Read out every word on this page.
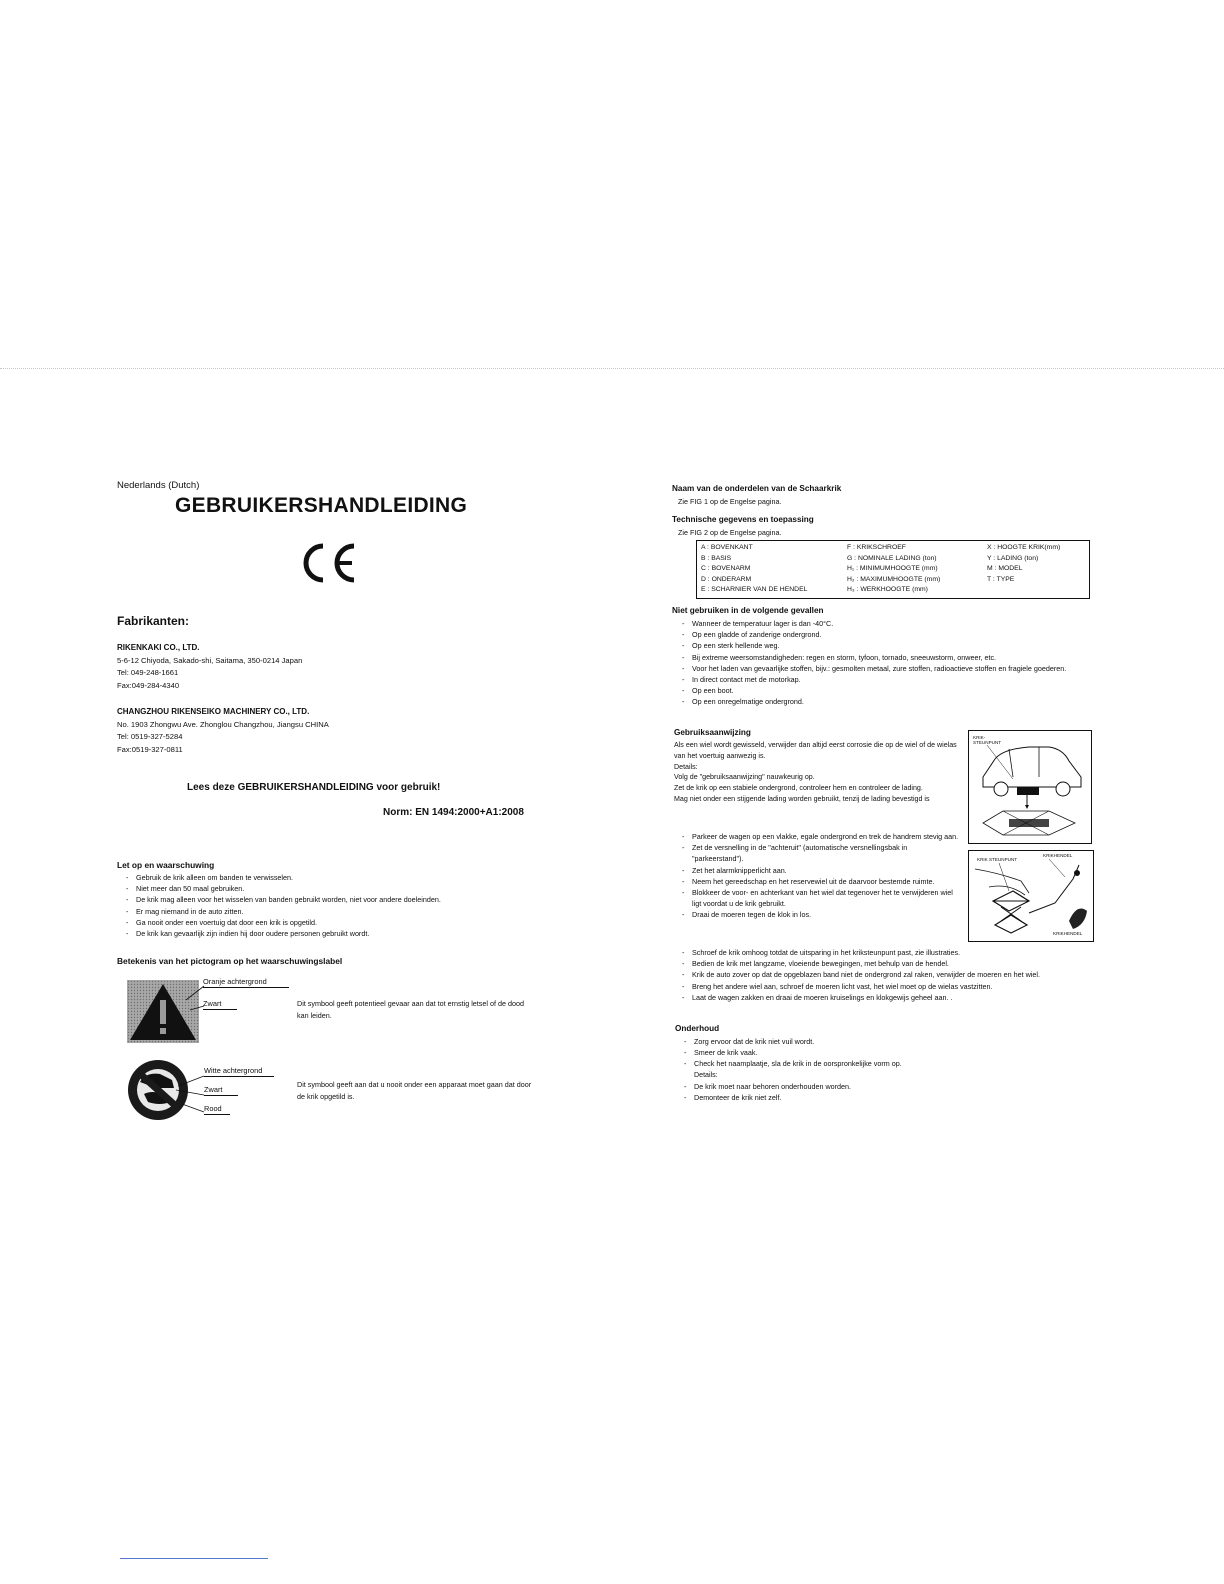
Nederlands (Dutch)
GEBRUIKERSHANDLEIDING
Fabrikanten:
RIKENKAKI CO., LTD.
5-6-12 Chiyoda, Sakado-shi, Saitama, 350-0214 Japan
Tel: 049-248-1661
Fax:049-284-4340
CHANGZHOU RIKENSEIKO MACHINERY CO., LTD.
No. 1903 Zhongwu Ave. Zhonglou Changzhou, Jiangsu CHINA
Tel: 0519-327-5284
Fax:0519-327-0811
Lees deze GEBRUIKERSHANDLEIDING voor gebruik!
Norm: EN 1494:2000+A1:2008
Let op en waarschuwing
- Gebruik de krik alleen om banden te verwisselen.
- Niet meer dan 50 maal gebruiken.
- De krik mag alleen voor het wisselen van banden gebruikt worden, niet voor andere doeleinden.
- Er mag niemand in de auto zitten.
- Ga nooit onder een voertuig dat door een krik is opgetild.
- De krik kan gevaarlijk zijn indien hij door oudere personen gebruikt wordt.
Betekenis van het pictogram op het waarschuwingslabel
Oranje achtergrond
Zwart	Dit symbool geeft potentieel gevaar aan dat tot ernstig letsel of de dood kan leiden.
Witte achtergrond
Zwart
Rood
Dit symbool geeft aan dat u nooit onder een apparaat moet gaan dat door de krik opgetild is.
Naam van de onderdelen van de Schaarkrik
Zie FIG 1 op de Engelse pagina.
Technische gegevens en toepassing
Zie FIG 2 op de Engelse pagina.
A : BOVENKANT
B : BASIS
C : BOVENARM
D : ONDERARM
E : SCHARNIER VAN DE HENDEL
F : KRIKSCHROEF
G : NOMINALE LADING (ton)
H₁ : MINIMUMHOOGTE (mm)
H₂ : MAXIMUMHOOGTE (mm)
H₃ : WERKHOOGTE (mm)
X : HOOGTE KRIK(mm)
Y : LADING (ton)
M : MODEL
T : TYPE
Niet gebruiken in de volgende gevallen
- Wanneer de temperatuur lager is dan -40°C.
- Op een gladde of zanderige ondergrond.
- Op een sterk hellende weg.
- Bij extreme weersomstandigheden: regen en storm, tyfoon, tornado, sneeuwstorm, onweer, etc.
- Voor het laden van gevaarlijke stoffen, bijv.: gesmolten metaal, zure stoffen, radioactieve stoffen en fragiele goederen.
- In direct contact met de motorkap.
- Op een boot.
- Op een onregelmatige ondergrond.
Gebruiksaanwijzing
Als een wiel wordt gewisseld, verwijder dan altijd eerst corrosie die op de wiel of de wielas van het voertuig aanwezig is.
Details:
Volg de "gebruiksaanwijzing" nauwkeurig op.
Zet de krik op een stabiele ondergrond, controleer hem en controleer de lading.
Mag niet onder een stijgende lading worden gebruikt, tenzij de lading bevestigd is
- Parkeer de wagen op een vlakke, egale ondergrond en trek de handrem stevig aan.
- Zet de versnelling in de "achteruit" (automatische versnellingsbak in "parkeerstand").
- Zet het alarmknipperlicht aan.
- Neem het gereedschap en het reservewiel uit de daarvoor bestemde ruimte.
- Blokkeer de voor- en achterkant van het wiel dat tegenover het te verwijderen wiel ligt voordat u de krik gebruikt.
- Draai de moeren tegen de klok in los.
- Schroef de krik omhoog totdat de uitsparing in het kriksteunpunt past, zie illustraties.
- Bedien de krik met langzame, vloeiende bewegingen, met behulp van de hendel.
- Krik de auto zover op dat de opgeblazen band niet de ondergrond zal raken, verwijder de moeren en het wiel.
- Breng het andere wiel aan, schroef de moeren licht vast, het wiel moet op de wielas vastzitten.
- Laat de wagen zakken en draai de moeren kruiselings en klokgewijs geheel aan. .
KRIK-STEUNPUNT
KRIK STEUNPUNT
KRIKHENDEL
KRIKHENDEL
Onderhoud
- Zorg ervoor dat de krik niet vuil wordt.
- Smeer de krik vaak.
- Check het naamplaatje, sla de krik in de oorspronkelijke vorm op.
Details:
- De krik moet naar behoren onderhouden worden.
- Demonteer de krik niet zelf.
